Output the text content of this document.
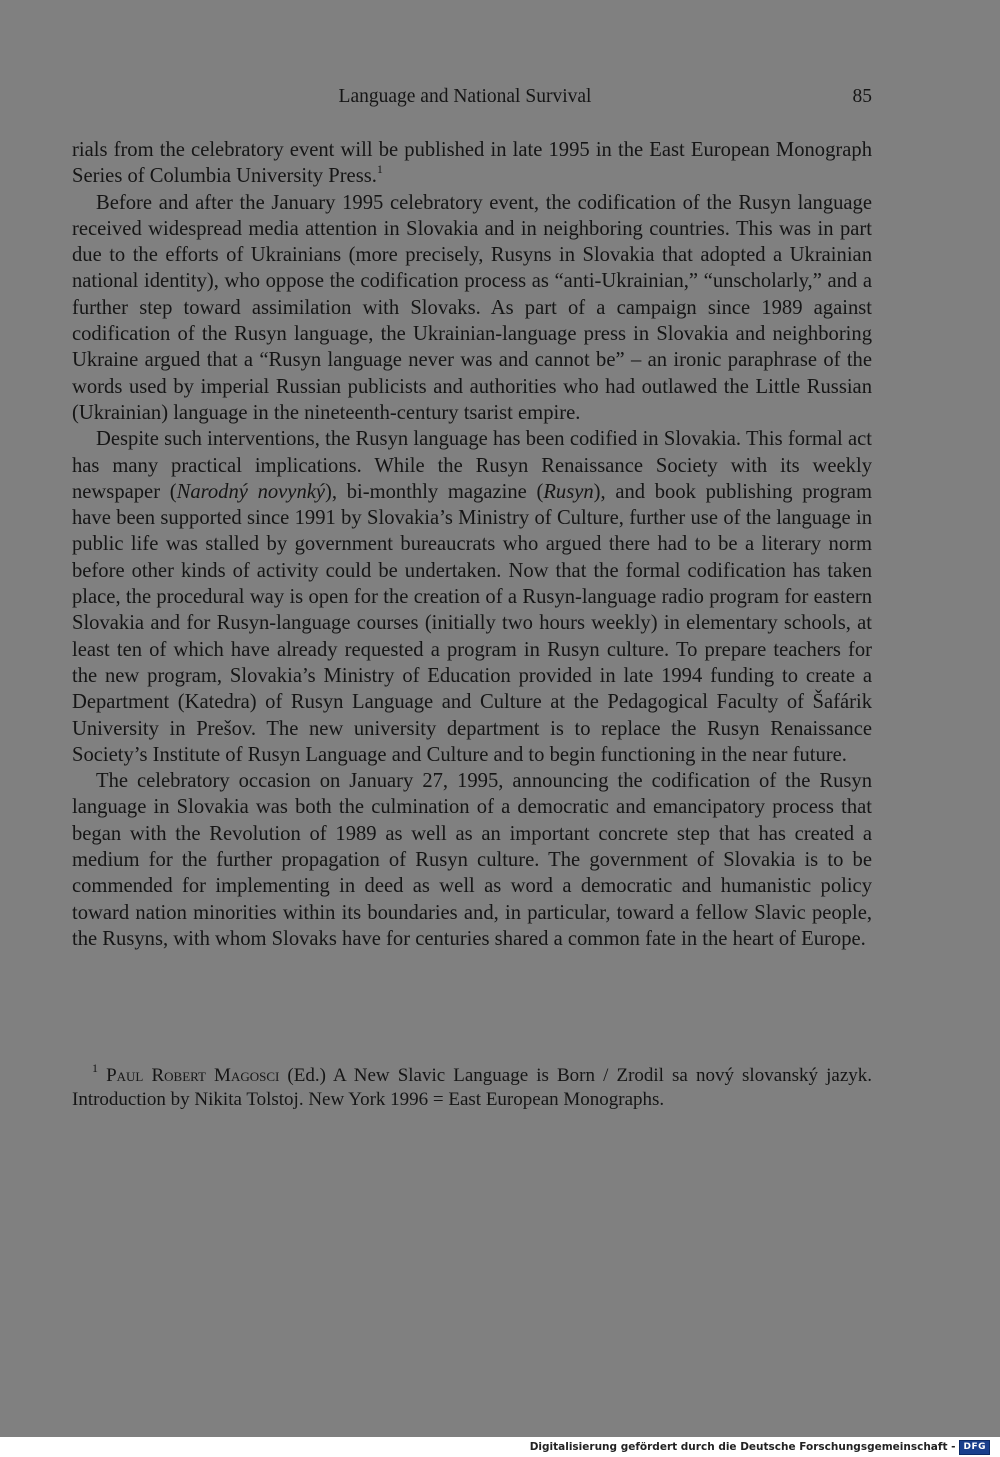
Language and National Survival	85

rials from the celebratory event will be published in late 1995 in the East European Monograph Series of Columbia University Press.$^1$

Before and after the January 1995 celebratory event, the codification of the Rusyn language received widespread media attention in Slovakia and in neighboring countries. This was in part due to the efforts of Ukrainians (more precisely, Rusyns in Slovakia that adopted a Ukrainian national identity), who oppose the codification process as “anti-Ukrainian,” “unscholarly,” and a further step toward assimilation with Slovaks. As part of a campaign since 1989 against codification of the Rusyn language, the Ukrainian-language press in Slovakia and neighboring Ukraine argued that a “Rusyn language never was and cannot be” – an ironic paraphrase of the words used by imperial Russian publicists and authorities who had outlawed the Little Russian (Ukrainian) language in the nineteenth-century tsarist empire.

Despite such interventions, the Rusyn language has been codified in Slovakia. This formal act has many practical implications. While the Rusyn Renaissance Society with its weekly newspaper (Narodný novynký), bi-monthly magazine (Rusyn), and book publishing program have been supported since 1991 by Slovakia’s Ministry of Culture, further use of the language in public life was stalled by government bureaucrats who argued there had to be a literary norm before other kinds of activity could be undertaken. Now that the formal codification has taken place, the procedural way is open for the creation of a Rusyn-language radio program for eastern Slovakia and for Rusyn-language courses (initially two hours weekly) in elementary schools, at least ten of which have already requested a program in Rusyn culture. To prepare teachers for the new program, Slovakia’s Ministry of Education provided in late 1994 funding to create a Department (Katedra) of Rusyn Language and Culture at the Pedagogical Faculty of Šafárik University in Prešov. The new university department is to replace the Rusyn Renaissance Society’s Institute of Rusyn Language and Culture and to begin functioning in the near future.

The celebratory occasion on January 27, 1995, announcing the codification of the Rusyn language in Slovakia was both the culmination of a democratic and emancipatory process that began with the Revolution of 1989 as well as an important concrete step that has created a medium for the further propagation of Rusyn culture. The government of Slovakia is to be commended for implementing in deed as well as word a democratic and humanistic policy toward nation minorities within its boundaries and, in particular, toward a fellow Slavic people, the Rusyns, with whom Slovaks have for centuries shared a common fate in the heart of Europe.

$^1$ Paul Robert Magosci (Ed.) A New Slavic Language is Born / Zrodil sa nový slovanský jazyk. Introduction by Nikita Tolstoj. New York 1996 = East European Monographs.

Digitalisierung gefördert durch die Deutsche Forschungsgemeinschaft - DFG
